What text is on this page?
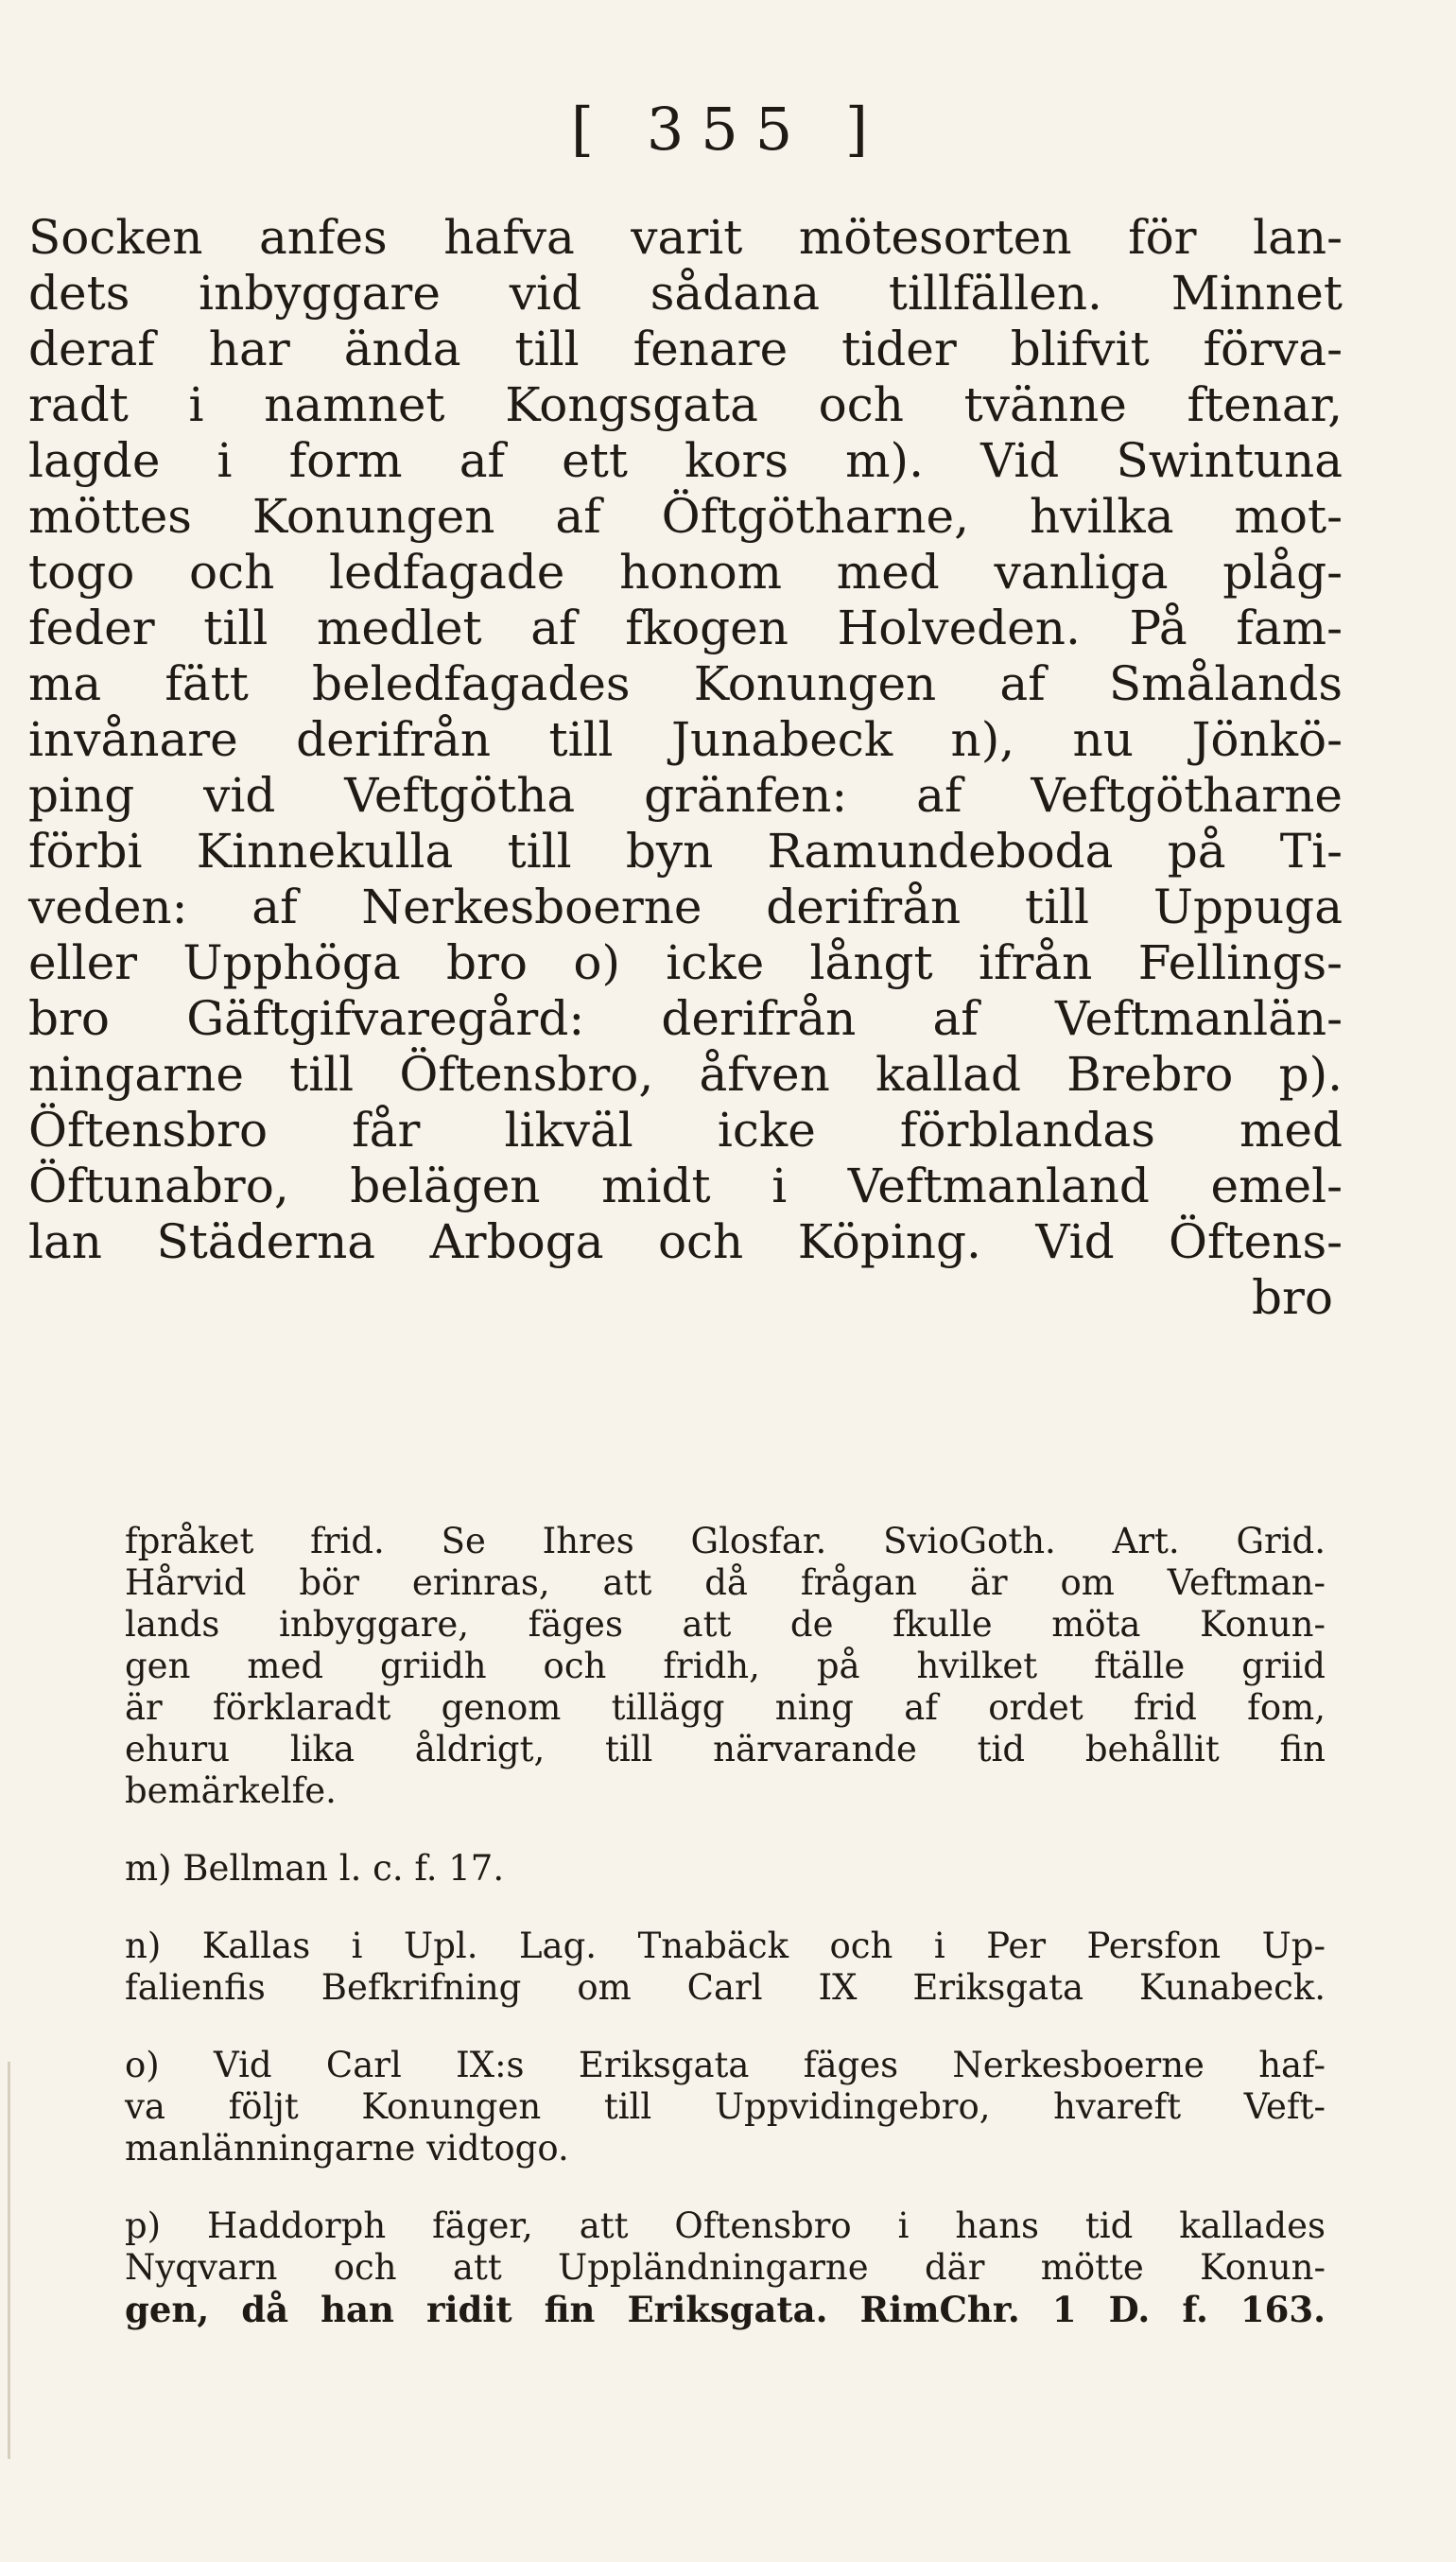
[ 355 ]
Socken anfes hafva varit mötesorten för lan-
dets inbyggare vid sådana tillfällen. Minnet
deraf har ända till fenare tider blifvit förva-
radt i namnet Kongsgata och tvänne ftenar,
lagde i form af ett kors m). Vid Swintuna
möttes Konungen af Öftgötharne, hvilka mot-
togo och ledfagade honom med vanliga plåg-
feder till medlet af fkogen Holveden. På fam-
ma fätt beledfagades Konungen af Smålands
invånare derifrån till Junabeck n), nu Jönkö-
ping vid Veftgötha gränfen: af Veftgötharne
förbi Kinnekulla till byn Ramundeboda på Ti-
veden: af Nerkesboerne derifrån till Uppuga
eller Upphöga bro o) icke långt ifrån Fellings-
bro Gäftgifvaregård: derifrån af Veftmanlän-
ningarne till Öftensbro, åfven kallad Brebro p).
Öftensbro får likväl icke förblandas med
Öftunabro, belägen midt i Veftmanland emel-
lan Städerna Arboga och Köping. Vid Öftens-
bro
fpråket frid. Se Ihres Glosfar. SvioGoth. Art. Grid.
Hårvid bör erinras, att då frågan är om Veftman-
lands inbyggare, fäges att de fkulle möta Konun-
gen med griidh och fridh, på hvilket ftälle griid
är förklaradt genom tillägg ning af ordet frid fom,
ehuru lika åldrigt, till närvarande tid behållit fin
bemärkelfe.
m) Bellman l. c. f. 17.
n) Kallas i Upl. Lag. Tnabäck och i Per Persfon Up-
falienfis Befkrifning om Carl IX Eriksgata Kunabeck.
o) Vid Carl IX:s Eriksgata fäges Nerkesboerne haf-
va följt Konungen till Uppvidingebro, hvareft Veft-
manlänningarne vidtogo.
p) Haddorph fäger, att Oftensbro i hans tid kallades
Nyqvarn och att Uppländningarne där mötte Konun-
gen, då han ridit fin Eriksgata. RimChr. 1 D. f. 163.
